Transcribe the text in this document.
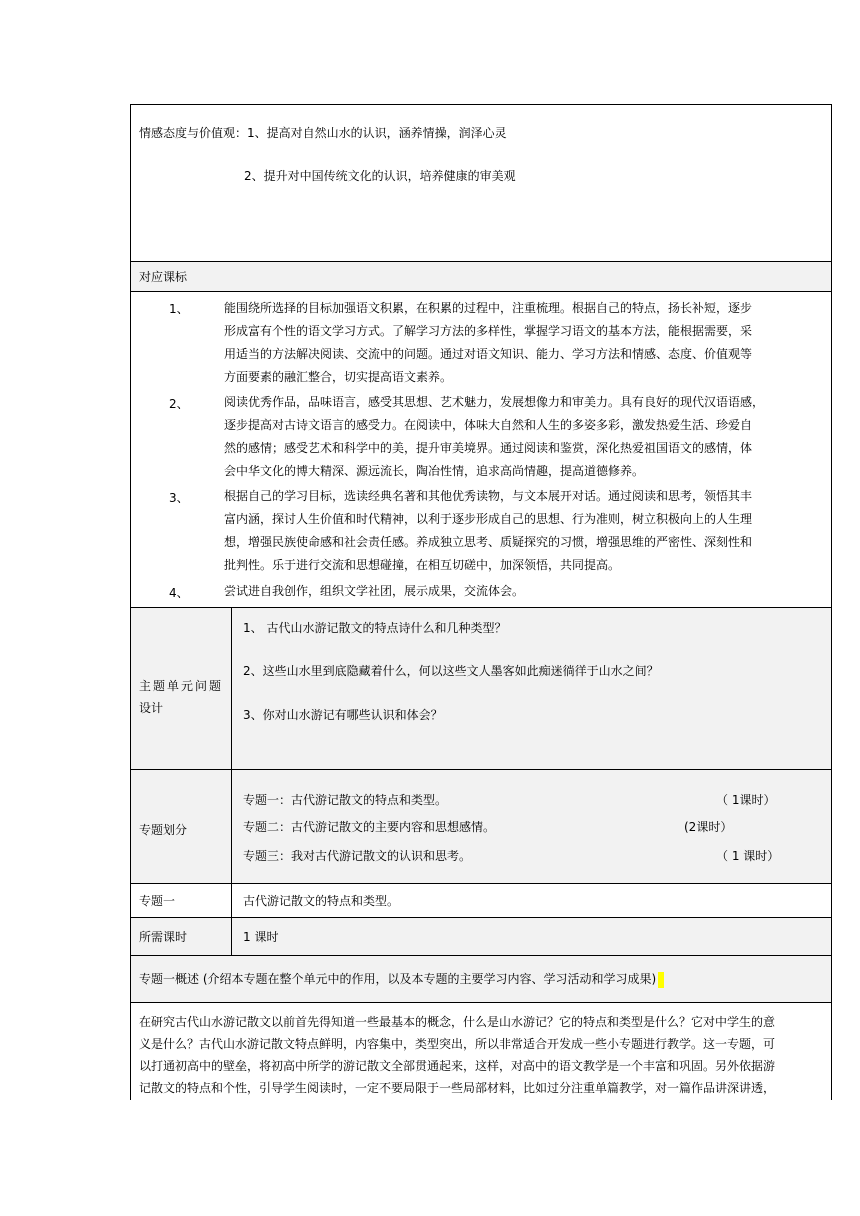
情感态度与价值观：1、提高对自然山水的认识，涵养情操，润泽心灵
2、提升对中国传统文化的认识，培养健康的审美观
对应课标
1、	能围绕所选择的目标加强语文积累，在积累的过程中，注重梳理。根据自己的特点，扬长补短，逐步
形成富有个性的语文学习方式。了解学习方法的多样性，掌握学习语文的基本方法，能根据需要，采
用适当的方法解决阅读、交流中的问题。通过对语文知识、能力、学习方法和情感、态度、价值观等
方面要素的融汇整合，切实提高语文素养。
2、	阅读优秀作品，品味语言，感受其思想、艺术魅力，发展想像力和审美力。具有良好的现代汉语语感，
逐步提高对古诗文语言的感受力。在阅读中，体味大自然和人生的多姿多彩，激发热爱生活、珍爱自
然的感情；感受艺术和科学中的美，提升审美境界。通过阅读和鉴赏，深化热爱祖国语文的感情，体
会中华文化的博大精深、源远流长，陶冶性情，追求高尚情趣，提高道德修养。
3、	根据自己的学习目标，选读经典名著和其他优秀读物，与文本展开对话。通过阅读和思考，领悟其丰
富内涵，探讨人生价值和时代精神，以利于逐步形成自己的思想、行为准则，树立积极向上的人生理
想，增强民族使命感和社会责任感。养成独立思考、质疑探究的习惯，增强思维的严密性、深刻性和
批判性。乐于进行交流和思想碰撞，在相互切磋中，加深领悟，共同提高。
4、	尝试进自我创作，组织文学社团，展示成果，交流体会。
主题单元问题
设计
1、 古代山水游记散文的特点诗什么和几种类型？
2、这些山水里到底隐藏着什么，何以这些文人墨客如此痴迷徜徉于山水之间？
3、你对山水游记有哪些认识和体会？
专题划分
专题一：古代游记散文的特点和类型。	（ 1课时）
专题二：古代游记散文的主要内容和思想感情。	(2课时）
专题三：我对古代游记散文的认识和思考。	（ 1 课时）
专题一	古代游记散文的特点和类型。
所需课时	1 课时
专题一概述 (介绍本专题在整个单元中的作用，以及本专题的主要学习内容、学习活动和学习成果)
在研究古代山水游记散文以前首先得知道一些最基本的概念，什么是山水游记？它的特点和类型是什么？它对中学生的意
义是什么？古代山水游记散文特点鲜明，内容集中，类型突出，所以非常适合开发成一些小专题进行教学。这一专题，可
以打通初高中的壁垒，将初高中所学的游记散文全部贯通起来，这样，对高中的语文教学是一个丰富和巩固。另外依据游
记散文的特点和个性，引导学生阅读时，一定不要局限于一些局部材料，比如过分注重单篇教学，对一篇作品讲深讲透，
